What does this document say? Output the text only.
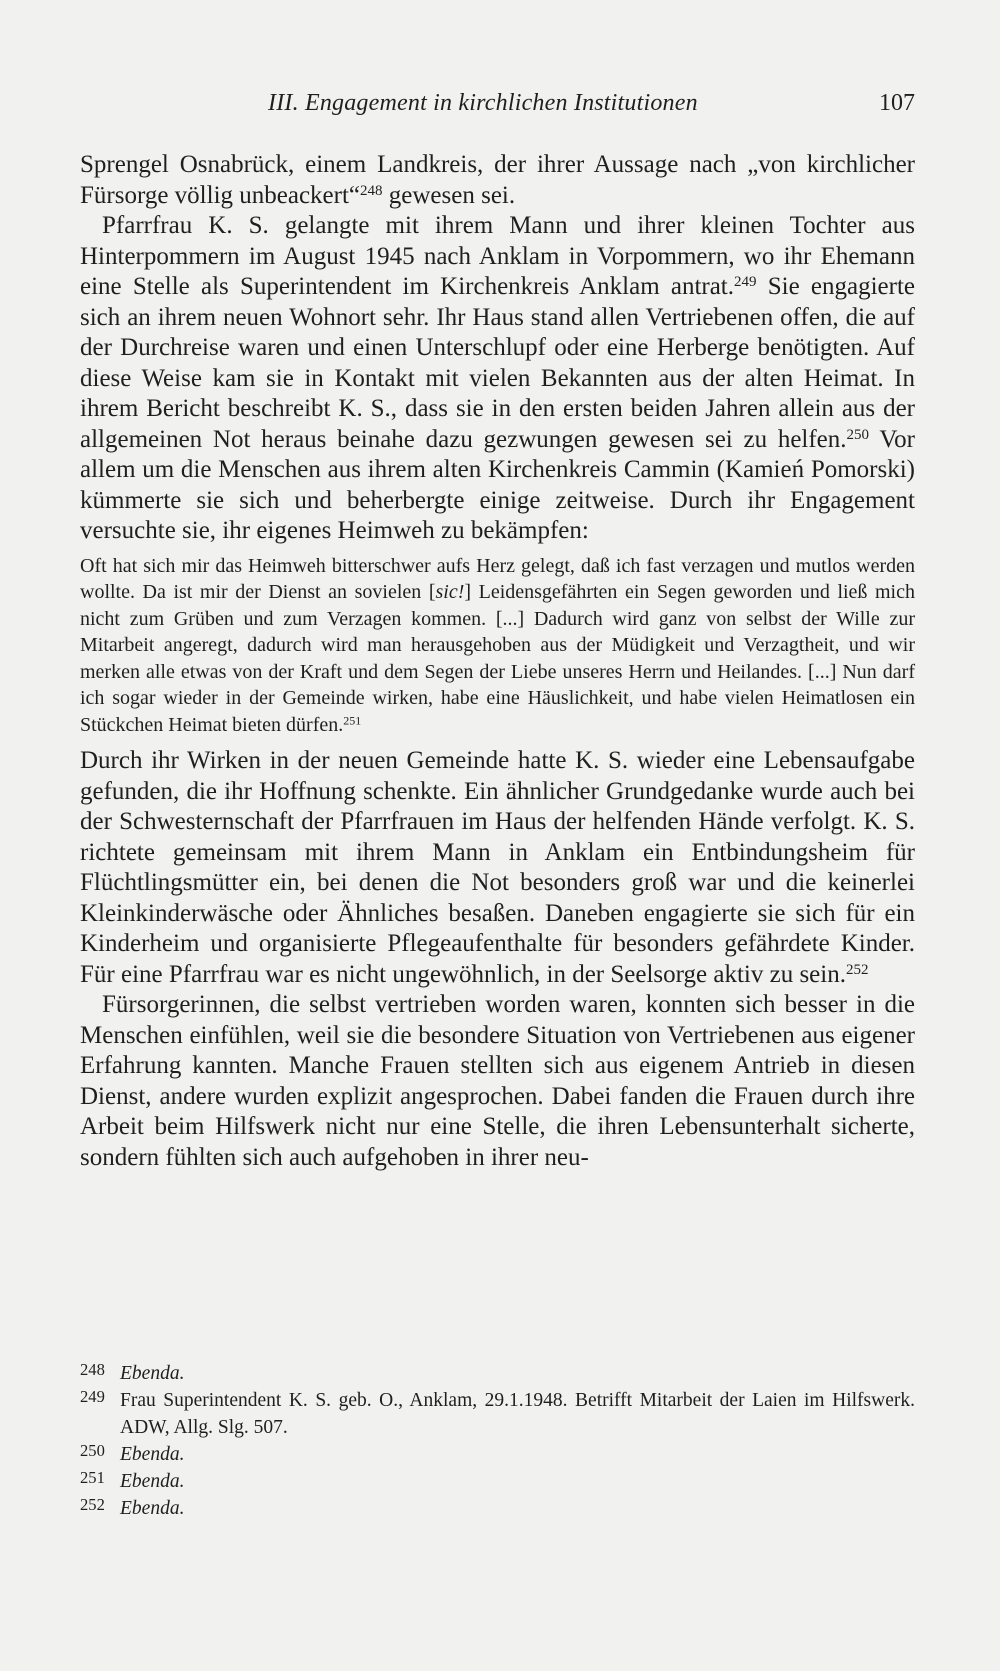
III. Engagement in kirchlichen Institutionen	107

Sprengel Osnabrück, einem Landkreis, der ihrer Aussage nach „von kirchlicher Fürsorge völlig unbeackert“$^{248}$ gewesen sei.

Pfarrfrau K. S. gelangte mit ihrem Mann und ihrer kleinen Tochter aus Hinterpommern im August 1945 nach Anklam in Vorpommern, wo ihr Ehemann eine Stelle als Superintendent im Kirchenkreis Anklam antrat.$^{249}$ Sie engagierte sich an ihrem neuen Wohnort sehr. Ihr Haus stand allen Vertriebenen offen, die auf der Durchreise waren und einen Unterschlupf oder eine Herberge benötigten. Auf diese Weise kam sie in Kontakt mit vielen Bekannten aus der alten Heimat. In ihrem Bericht beschreibt K. S., dass sie in den ersten beiden Jahren allein aus der allgemeinen Not heraus beinahe dazu gezwungen gewesen sei zu helfen.$^{250}$ Vor allem um die Menschen aus ihrem alten Kirchenkreis Cammin (Kamień Pomorski) kümmerte sie sich und beherbergte einige zeitweise. Durch ihr Engagement versuchte sie, ihr eigenes Heimweh zu bekämpfen:

Oft hat sich mir das Heimweh bitterschwer aufs Herz gelegt, daß ich fast verzagen und mutlos werden wollte. Da ist mir der Dienst an sovielen [sic!] Leidensgefährten ein Segen geworden und ließ mich nicht zum Grüben und zum Verzagen kommen. [...] Dadurch wird ganz von selbst der Wille zur Mitarbeit angeregt, dadurch wird man herausgehoben aus der Müdigkeit und Verzagtheit, und wir merken alle etwas von der Kraft und dem Segen der Liebe unseres Herrn und Heilandes. [...] Nun darf ich sogar wieder in der Gemeinde wirken, habe eine Häuslichkeit, und habe vielen Heimatlosen ein Stückchen Heimat bieten dürfen.$^{251}$

Durch ihr Wirken in der neuen Gemeinde hatte K. S. wieder eine Lebensaufgabe gefunden, die ihr Hoffnung schenkte. Ein ähnlicher Grundgedanke wurde auch bei der Schwesternschaft der Pfarrfrauen im Haus der helfenden Hände verfolgt. K. S. richtete gemeinsam mit ihrem Mann in Anklam ein Entbindungsheim für Flüchtlingsmütter ein, bei denen die Not besonders groß war und die keinerlei Kleinkinderwäsche oder Ähnliches besaßen. Daneben engagierte sie sich für ein Kinderheim und organisierte Pflegeaufenthalte für besonders gefährdete Kinder. Für eine Pfarrfrau war es nicht ungewöhnlich, in der Seelsorge aktiv zu sein.$^{252}$

Fürsorgerinnen, die selbst vertrieben worden waren, konnten sich besser in die Menschen einfühlen, weil sie die besondere Situation von Vertriebenen aus eigener Erfahrung kannten. Manche Frauen stellten sich aus eigenem Antrieb in diesen Dienst, andere wurden explizit angesprochen. Dabei fanden die Frauen durch ihre Arbeit beim Hilfswerk nicht nur eine Stelle, die ihren Lebensunterhalt sicherte, sondern fühlten sich auch aufgehoben in ihrer neu-

248 Ebenda.
249 Frau Superintendent K. S. geb. O., Anklam, 29.1.1948. Betrifft Mitarbeit der Laien im Hilfswerk. ADW, Allg. Slg. 507.
250 Ebenda.
251 Ebenda.
252 Ebenda.
